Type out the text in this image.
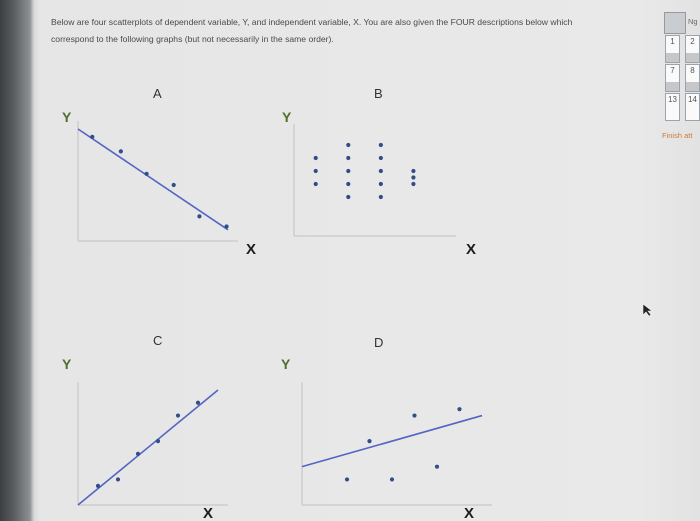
Below are four scatterplots of dependent variable, Y, and independent variable, X. You are also given the FOUR descriptions below which
correspond to the following graphs (but not necessarily in the same order).

A
Y
X
B
Y
X
C
Y
X
D
Y
X
Ng
1	2
7	8
13 14
Finish att
